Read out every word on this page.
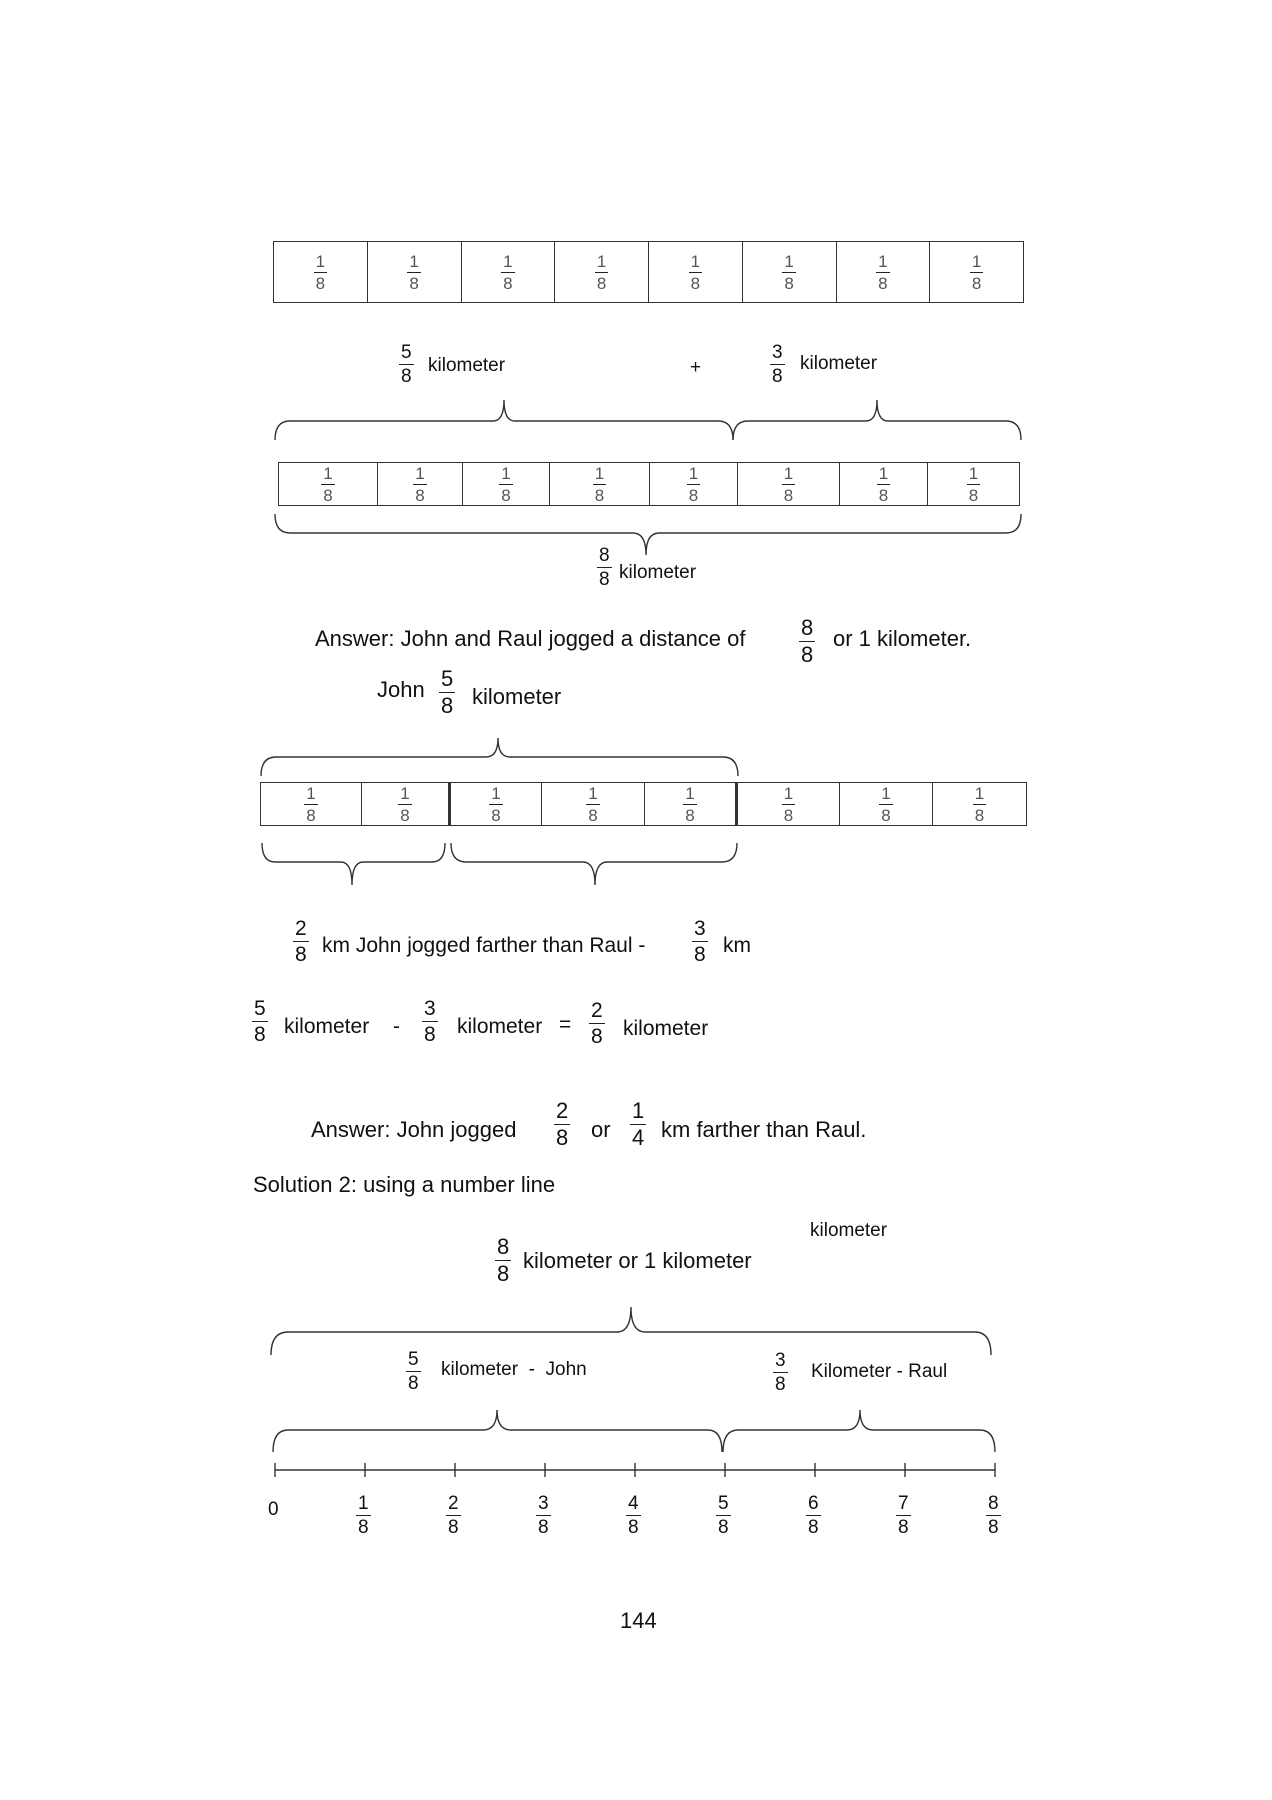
$\frac{1}{8}$	$\frac{1}{8}$	$\frac{1}{8}$	$\frac{1}{8}$	$\frac{1}{8}$	$\frac{1}{8}$	$\frac{1}{8}$	$\frac{1}{8}$
5
8
kilometer	+
3
8
kilometer
$\frac{1}{8}$	$\frac{1}{8}$	$\frac{1}{8}$	$\frac{1}{8}$	$\frac{1}{8}$	$\frac{1}{8}$	$\frac{1}{8}$	$\frac{1}{8}$
8
8 kilometer
Answer: John and Raul jogged a distance of	8
8
or 1 kilometer.
John 5
8 kilometer
$\frac{1}{8}$	$\frac{1}{8}$	$\frac{1}{8}$	$\frac{1}{8}$	$\frac{1}{8}$	$\frac{1}{8}$	$\frac{1}{8}$	$\frac{1}{8}$
2
8 km John jogged farther than Raul -
3
8 km
5
8 kilometer -
3
8 kilometer =
2
8 kilometer
Answer: John jogged
2
8 or
1
4 km farther than Raul.
Solution 2: using a number line
kilometer
8
8
kilometer or 1 kilometer
5
8
kilometer  -  John	3
8
Kilometer - Raul
0	1
8
2
8
3
8
4
8
5
8
6
8
7
8
8
8
144
